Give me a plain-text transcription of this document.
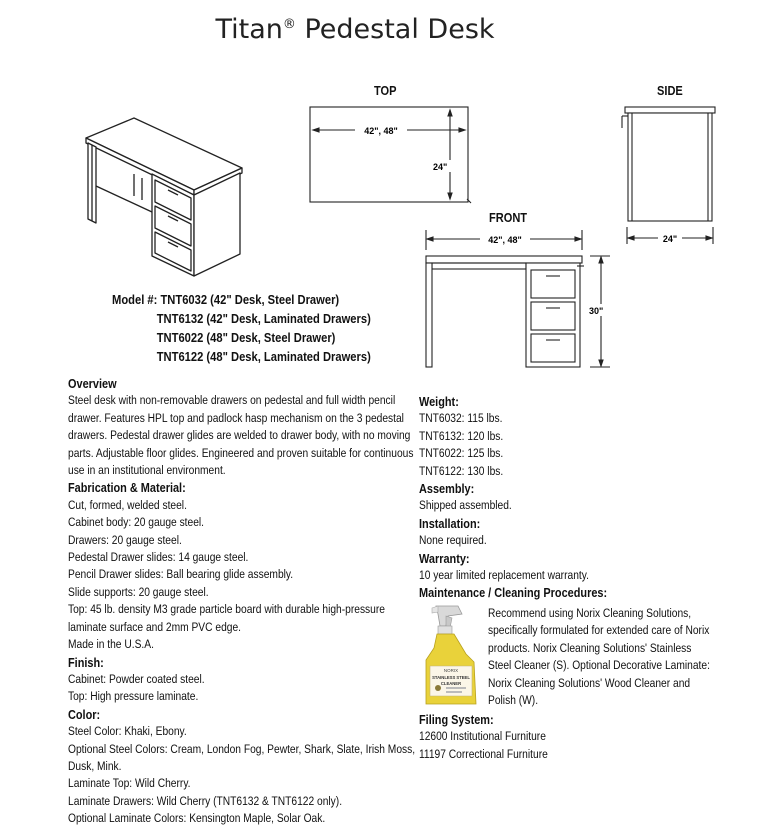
Titan® Pedestal Desk
TOP	SIDE
FRONT
42", 48"
24"
24"
42", 48"
30"
Model #: TNT6032 (42" Desk, Steel Drawer)
TNT6132 (42" Desk, Laminated Drawers)
TNT6022 (48" Desk, Steel Drawer)
TNT6122 (48" Desk, Laminated Drawers)
Overview
Steel desk with non-removable drawers on pedestal and full width pencil
drawer. Features HPL top and padlock hasp mechanism on the 3 pedestal
drawers. Pedestal drawer glides are welded to drawer body, with no moving
parts. Adjustable floor glides. Engineered and proven suitable for continuous
use in an institutional environment.
Fabrication & Material:
Cut, formed, welded steel.
Cabinet body: 20 gauge steel.
Drawers: 20 gauge steel.
Pedestal Drawer slides: 14 gauge steel.
Pencil Drawer slides: Ball bearing glide assembly.
Slide supports: 20 gauge steel.
Top: 45 lb. density M3 grade particle board with durable high-pressure
laminate surface and 2mm PVC edge.
Made in the U.S.A.
Finish:
Cabinet: Powder coated steel.
Top: High pressure laminate.
Color:
Steel Color: Khaki, Ebony.
Optional Steel Colors: Cream, London Fog, Pewter, Shark, Slate, Irish Moss,
Dusk, Mink.
Laminate Top: Wild Cherry.
Laminate Drawers: Wild Cherry (TNT6132 & TNT6122 only).
Optional Laminate Colors: Kensington Maple, Solar Oak.
Weight:
TNT6032: 115 lbs.
TNT6132: 120 lbs.
TNT6022: 125 lbs.
TNT6122: 130 lbs.
Assembly:
Shipped assembled.
Installation:
None required.
Warranty:
10 year limited replacement warranty.
Maintenance / Cleaning Procedures:
Recommend using Norix Cleaning Solutions,
specifically formulated for extended care of Norix
products. Norix Cleaning Solutions' Stainless
Steel Cleaner (S). Optional Decorative Laminate:
Norix Cleaning Solutions' Wood Cleaner and
Polish (W).
Filing System:
12600 Institutional Furniture
11197 Correctional Furniture
NORIX
STAINLESS STEEL
CLEANER
